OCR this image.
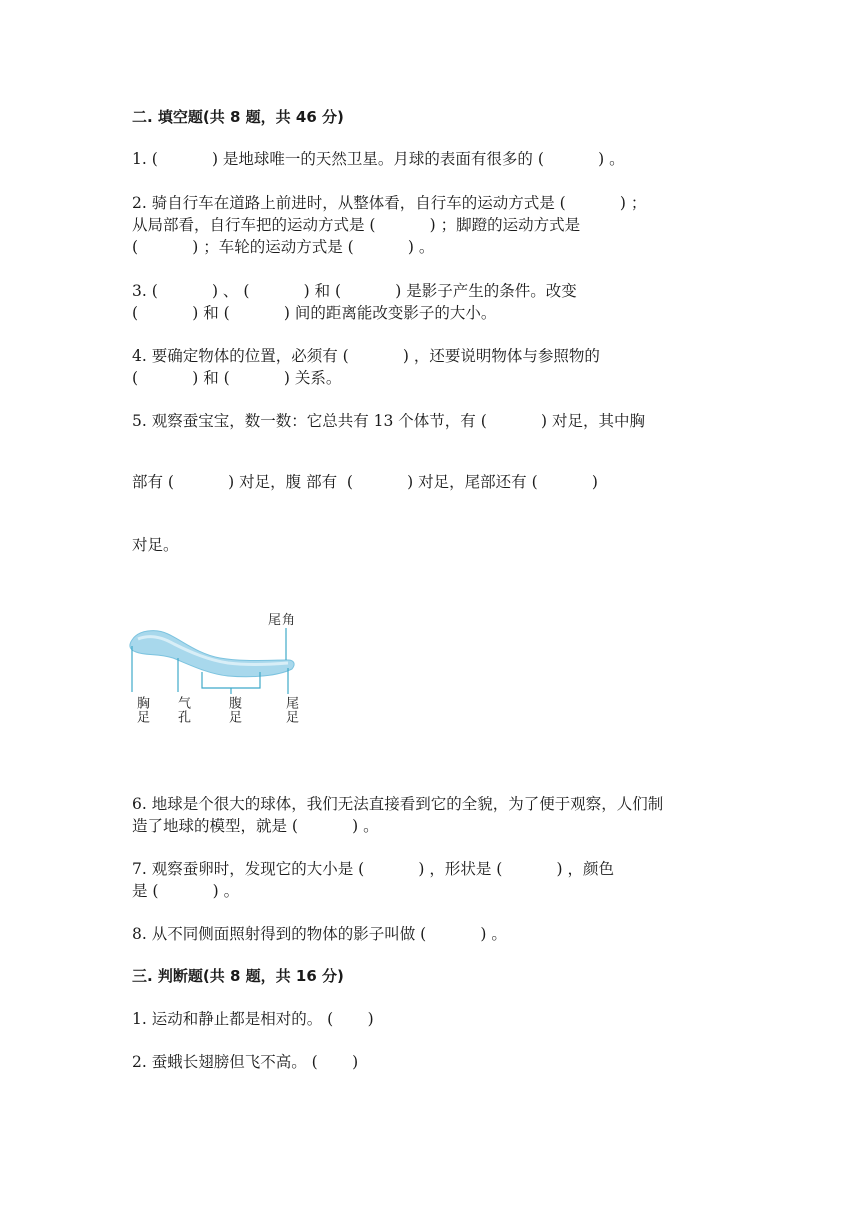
二. 填空题(共 8 题，共 46 分)
1. (           ) 是地球唯一的天然卫星。月球的表面有很多的 (           ) 。
2. 骑自行车在道路上前进时，从整体看，自行车的运动方式是 (           ) ；
从局部看，自行车把的运动方式是 (           ) ；脚蹬的运动方式是
(           ) ；车轮的运动方式是 (           ) 。
3. (           ) 、 (           ) 和 (           ) 是影子产生的条件。改变
(           ) 和 (           ) 间的距离能改变影子的大小。
4. 要确定物体的位置，必须有 (           ) ，还要说明物体与参照物的
(           ) 和 (           ) 关系。
5. 观察蚕宝宝，数一数：它总共有 13 个体节，有 (           ) 对足，其中胸
部有 (           ) 对足，腹 部有  (           ) 对足，尾部还有 (           )
对足。
尾角
胸足 气孔	腹足	尾足
6. 地球是个很大的球体，我们无法直接看到它的全貌，为了便于观察，人们制
造了地球的模型，就是 (           ) 。
7. 观察蚕卵时，发现它的大小是 (           ) ，形状是 (           ) ，颜色
是 (           ) 。
8. 从不同侧面照射得到的物体的影子叫做 (           ) 。
三. 判断题(共 8 题，共 16 分)
1. 运动和静止都是相对的。 (       )
2. 蚕蛾长翅膀但飞不高。 (       )
